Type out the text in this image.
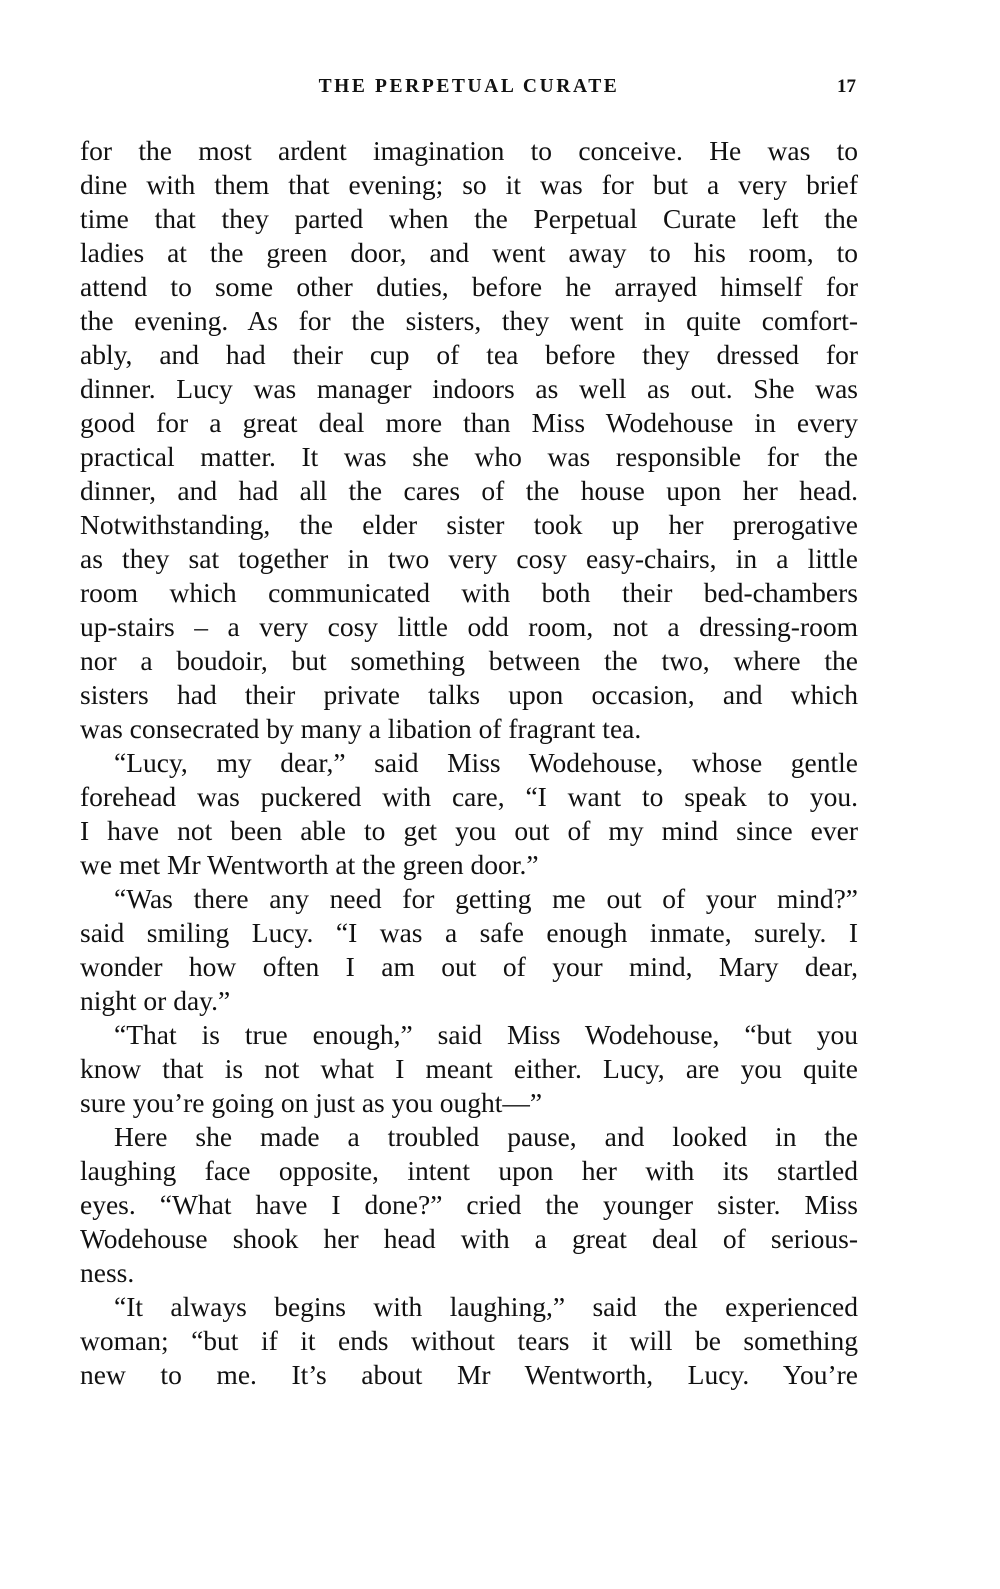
THE PERPETUAL CURATE	17
for the most ardent imagination to conceive. He was to
dine with them that evening; so it was for but a very brief
time that they parted when the Perpetual Curate left the
ladies at the green door, and went away to his room, to
attend to some other duties, before he arrayed himself for
the evening. As for the sisters, they went in quite comfort-
ably, and had their cup of tea before they dressed for
dinner. Lucy was manager indoors as well as out. She was
good for a great deal more than Miss Wodehouse in every
practical matter. It was she who was responsible for the
dinner, and had all the cares of the house upon her head.
Notwithstanding, the elder sister took up her prerogative
as they sat together in two very cosy easy-chairs, in a little
room which communicated with both their bed-chambers
up-stairs – a very cosy little odd room, not a dressing-room
nor a boudoir, but something between the two, where the
sisters had their private talks upon occasion, and which
was consecrated by many a libation of fragrant tea.
“Lucy, my dear,” said Miss Wodehouse, whose gentle
forehead was puckered with care, “I want to speak to you.
I have not been able to get you out of my mind since ever
we met Mr Wentworth at the green door.”
“Was there any need for getting me out of your mind?”
said smiling Lucy. “I was a safe enough inmate, surely. I
wonder how often I am out of your mind, Mary dear,
night or day.”
“That is true enough,” said Miss Wodehouse, “but you
know that is not what I meant either. Lucy, are you quite
sure you’re going on just as you ought—”
Here she made a troubled pause, and looked in the
laughing face opposite, intent upon her with its startled
eyes. “What have I done?” cried the younger sister. Miss
Wodehouse shook her head with a great deal of serious-
ness.
“It always begins with laughing,” said the experienced
woman; “but if it ends without tears it will be something
new to me. It’s about Mr Wentworth, Lucy. You’re
